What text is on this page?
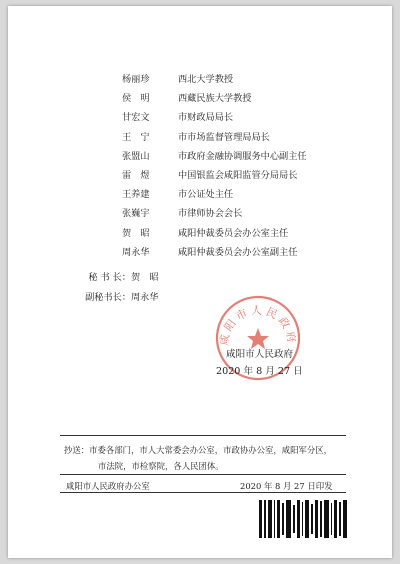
杨丽珍	西北大学教授
侯　明	西藏民族大学教授
甘宏文	市财政局局长
王　宁	市市场监督管理局局长
张盟山	市政府金融协调服务中心副主任
雷　煜	中国银监会咸阳监管分局局长
王养建	市公证处主任
张巍宇	市律师协会会长
贺　昭	咸阳仲裁委员会办公室主任
周永华	咸阳仲裁委员会办公室副主任
秘 书 长： 贺　昭
副秘书长： 周永华
咸阳市人民政府
咸阳市人民政府
2020 年 8 月 27 日
抄送：市委各部门，市人大常委会办公室，市政协办公室，咸阳军分区，
市法院，市检察院，各人民团体。
咸阳市人民政府办公室	2020 年 8 月 27 日印发
